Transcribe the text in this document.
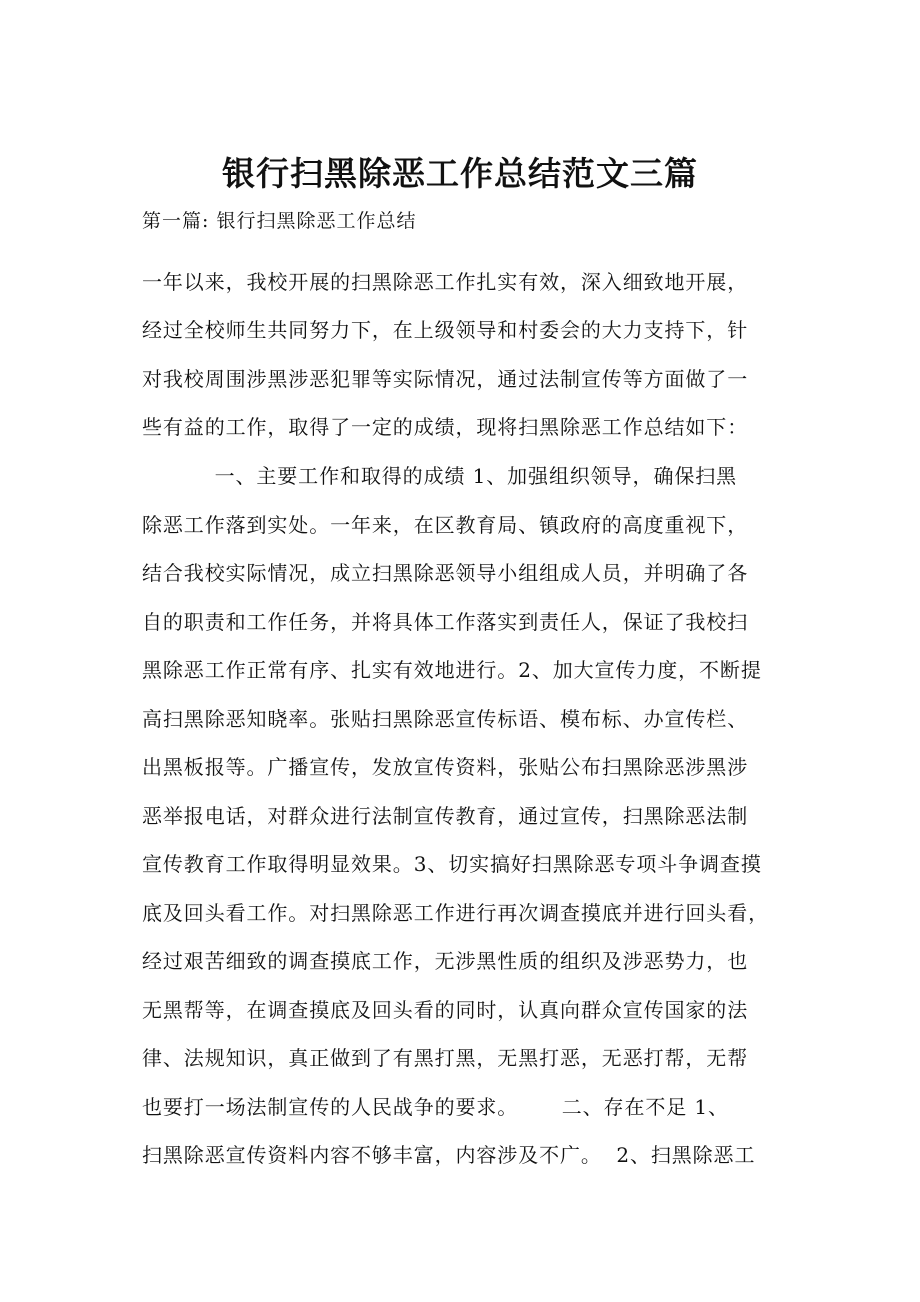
银行扫黑除恶工作总结范文三篇
第一篇: 银行扫黑除恶工作总结
一年以来，我校开展的扫黑除恶工作扎实有效，深入细致地开展，
经过全校师生共同努力下，在上级领导和村委会的大力支持下，针
对我校周围涉黑涉恶犯罪等实际情况，通过法制宣传等方面做了一
些有益的工作，取得了一定的成绩，现将扫黑除恶工作总结如下：
一、主要工作和取得的成绩 1、加强组织领导，确保扫黑
除恶工作落到实处。一年来，在区教育局、镇政府的高度重视下，
结合我校实际情况，成立扫黑除恶领导小组组成人员，并明确了各
自的职责和工作任务，并将具体工作落实到责任人，保证了我校扫
黑除恶工作正常有序、扎实有效地进行。2、加大宣传力度，不断提
高扫黑除恶知晓率。张贴扫黑除恶宣传标语、模布标、办宣传栏、
出黑板报等。广播宣传，发放宣传资料，张贴公布扫黑除恶涉黑涉
恶举报电话，对群众进行法制宣传教育，通过宣传，扫黑除恶法制
宣传教育工作取得明显效果。3、切实搞好扫黑除恶专项斗争调查摸
底及回头看工作。对扫黑除恶工作进行再次调查摸底并进行回头看，
经过艰苦细致的调查摸底工作，无涉黑性质的组织及涉恶势力，也
无黑帮等，在调查摸底及回头看的同时，认真向群众宣传国家的法
律、法规知识，真正做到了有黑打黑，无黑打恶，无恶打帮，无帮
也要打一场法制宣传的人民战争的要求。      二、存在不足 1、
扫黑除恶宣传资料内容不够丰富，内容涉及不广。  2、扫黑除恶工
